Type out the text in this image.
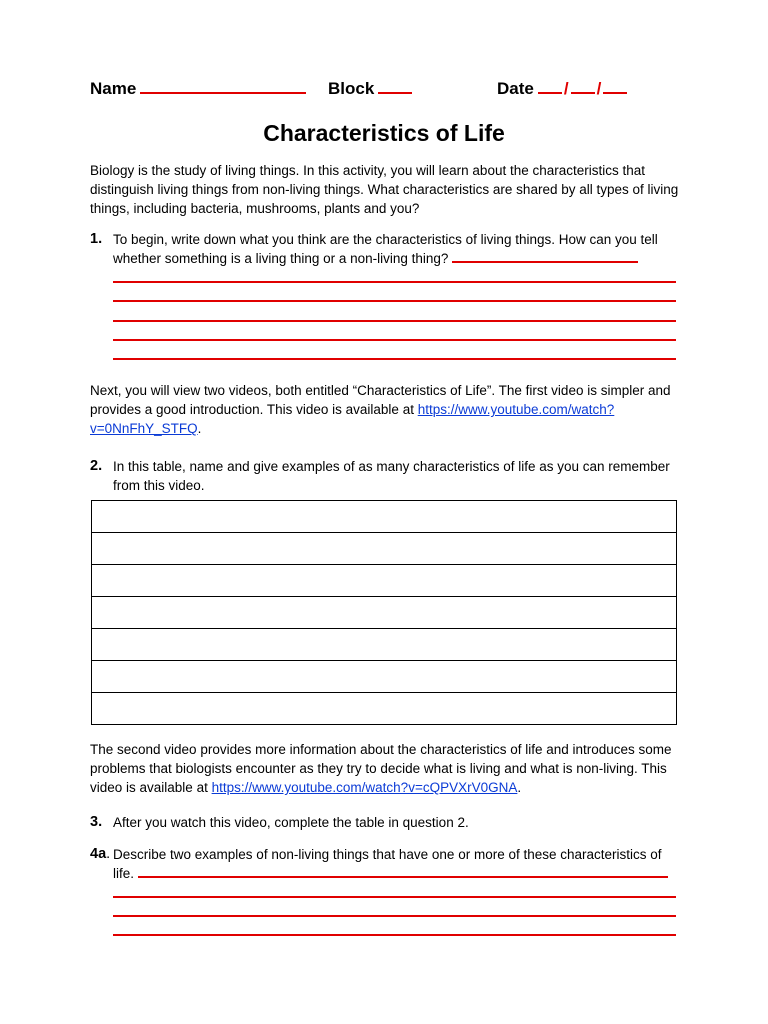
Name	Block	Date / /
Characteristics of Life
Biology is the study of living things. In this activity, you will learn about the characteristics that distinguish living things from non-living things. What characteristics are shared by all types of living things, including bacteria, mushrooms, plants and you?
1. To begin, write down what you think are the characteristics of living things. How can you tell whether something is a living thing or a non-living thing?
Next, you will view two videos, both entitled “Characteristics of Life”. The first video is simpler and provides a good introduction. This video is available at https://www.youtube.com/watch?v=0NnFhY_STFQ.
2. In this table, name and give examples of as many characteristics of life as you can remember from this video.

The second video provides more information about the characteristics of life and introduces some problems that biologists encounter as they try to decide what is living and what is non-living. This video is available at https://www.youtube.com/watch?v=cQPVXrV0GNA.
3. After you watch this video, complete the table in question 2.
4a. Describe two examples of non-living things that have one or more of these characteristics of life.
